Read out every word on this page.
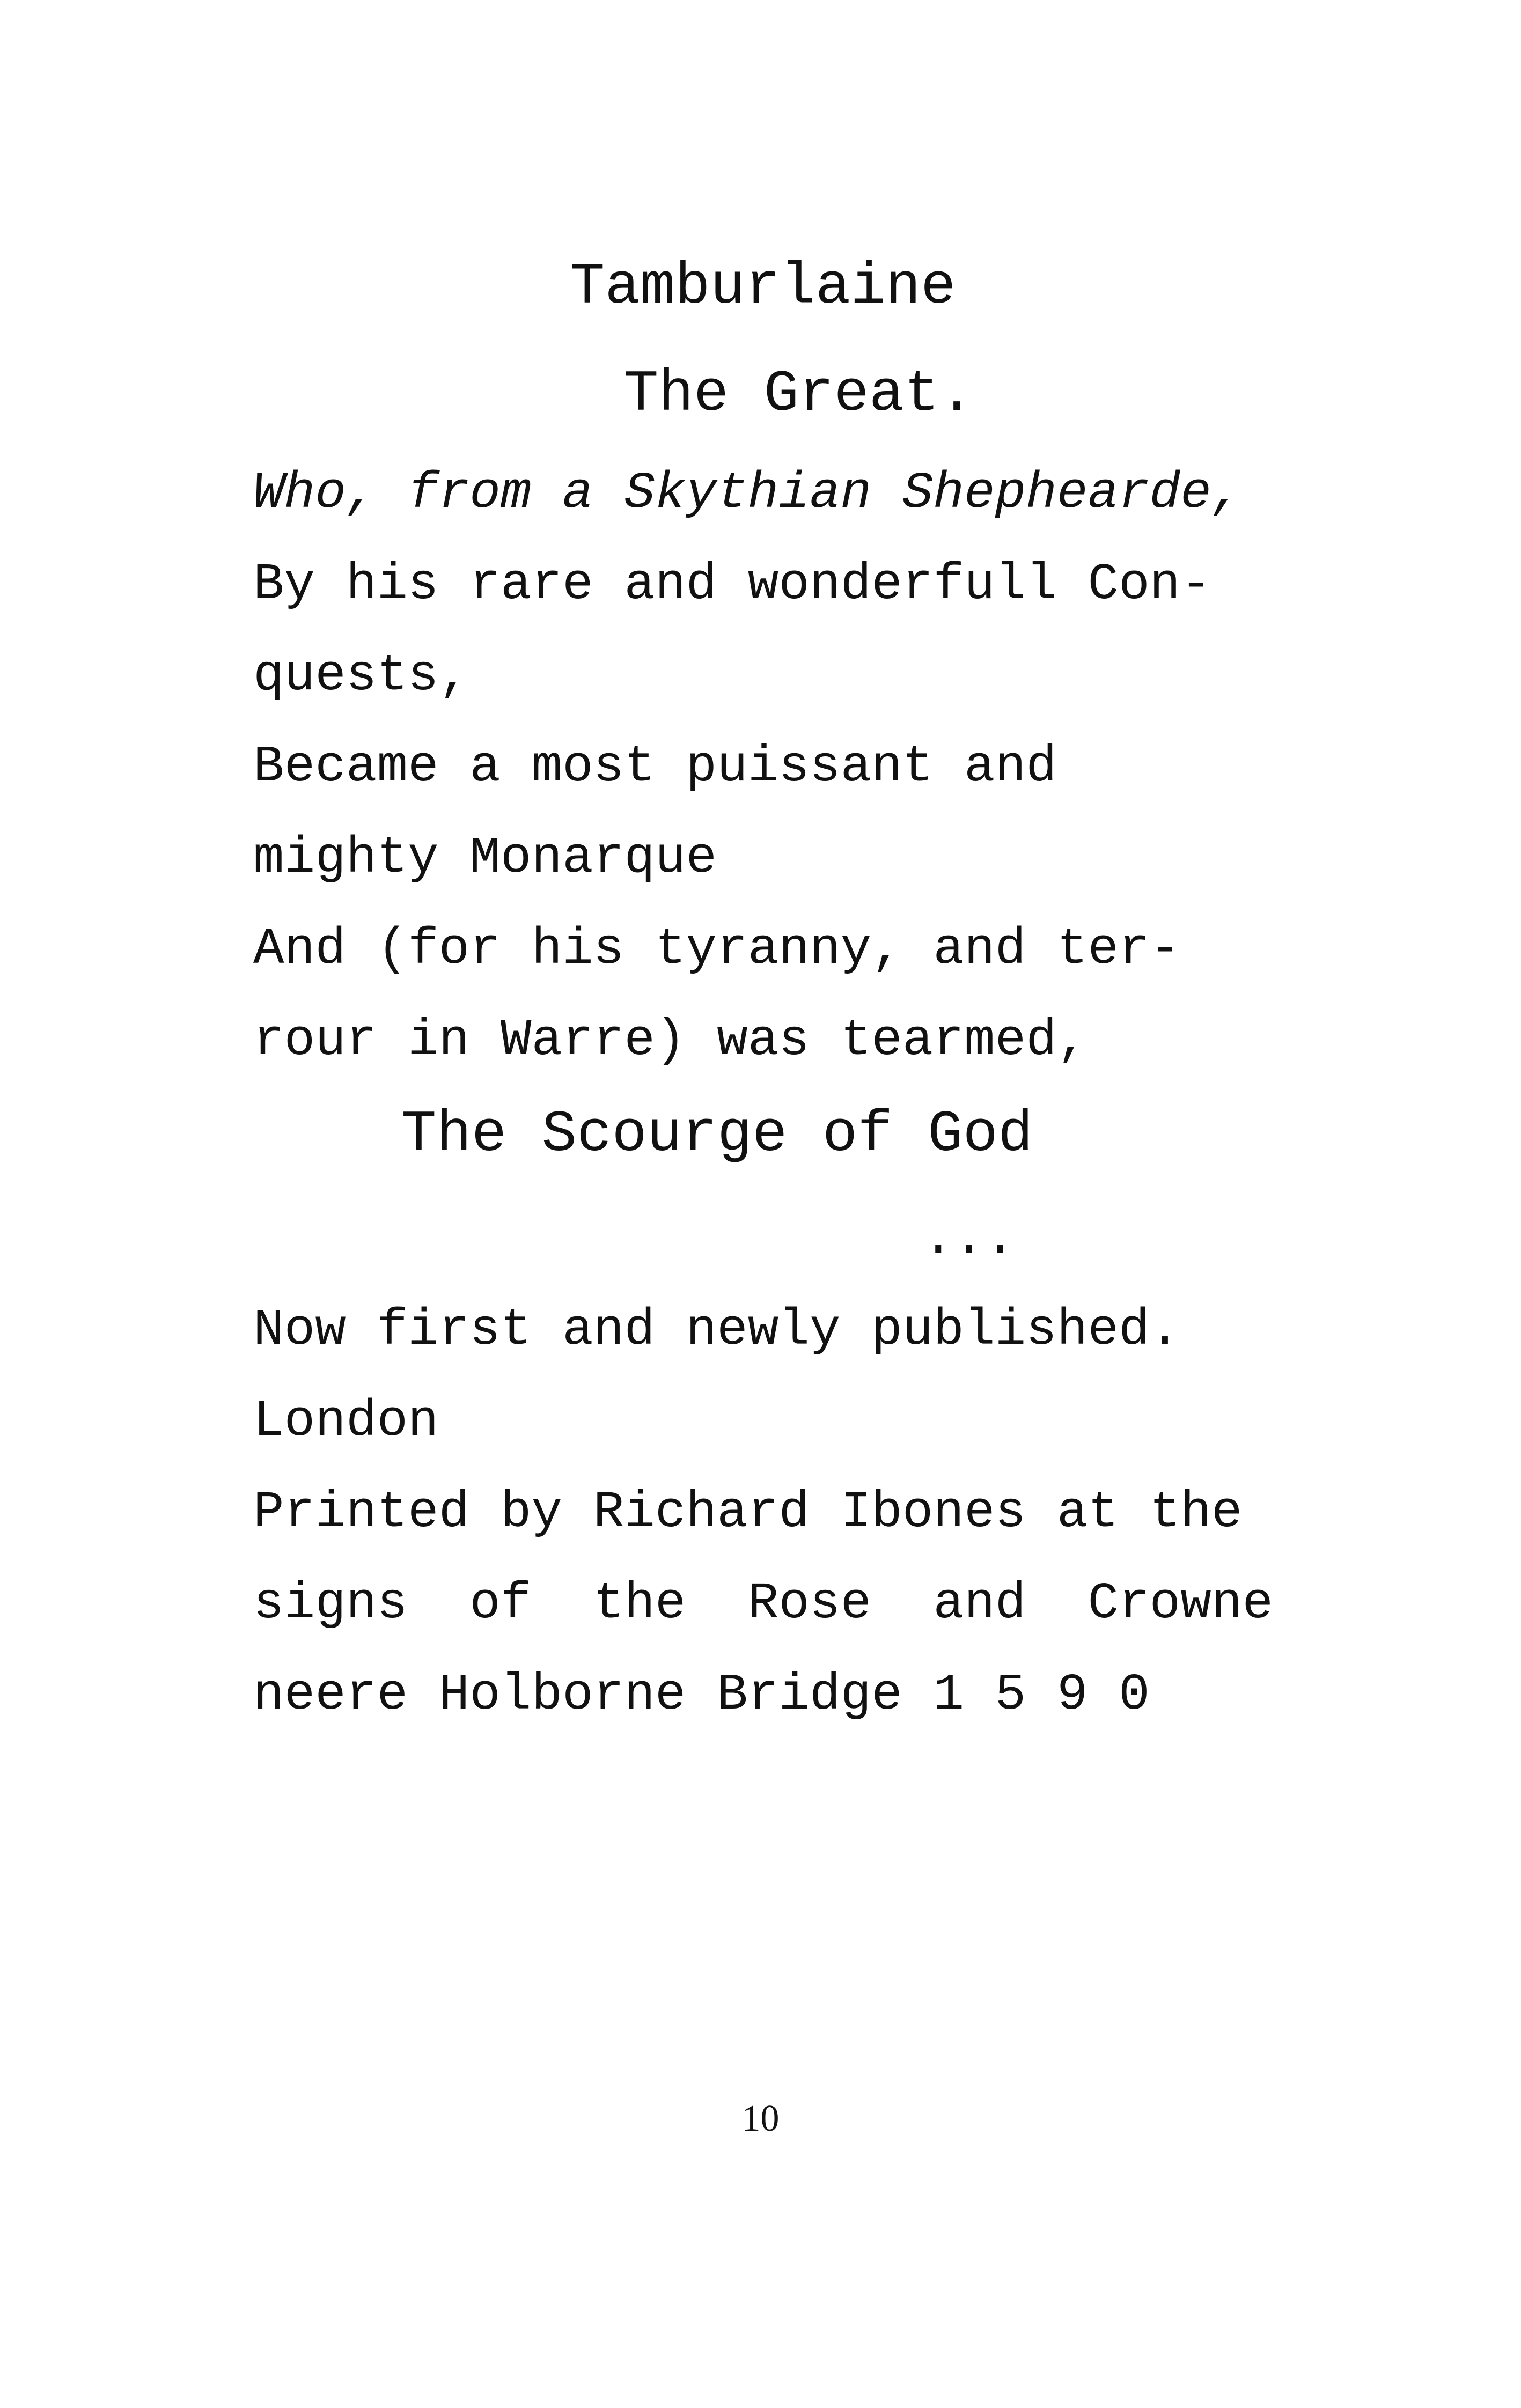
Tamburlaine

The Great.

Who, from a Skythian Shephearde,

By his rare and wonderfull Con-

quests,

Became a most puissant and

mighty Monarque

And (for his tyranny, and ter-

rour in Warre) was tearmed,

The Scourge of God

...

Now first and newly published.

London

Printed by Richard Ibones at the

signs  of  the  Rose  and  Crowne

neere Holborne Bridge 1 5 9 0

10
